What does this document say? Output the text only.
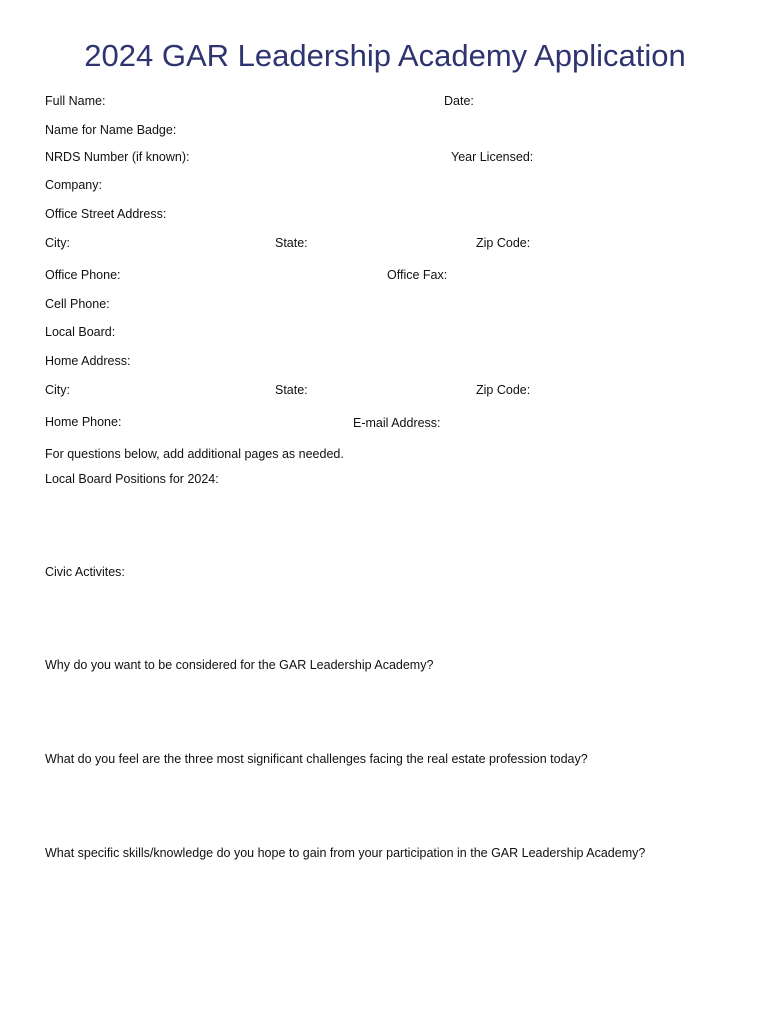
2024 GAR Leadership Academy Application
Full Name:	Date:
Name for Name Badge:
NRDS Number (if known):	Year Licensed:
Company:
Office Street Address:
City:	State:	Zip Code:
Office Phone:	Office Fax:
Cell Phone:
Local Board:
Home Address:
City:	State:	Zip Code:
Home Phone:	E-mail Address:
For questions below, add additional pages as needed.
Local Board Positions for 2024:
Civic Activites:
Why do you want to be considered for the GAR Leadership Academy?
What do you feel are the three most significant challenges facing the real estate profession today?
What specific skills/knowledge do you hope to gain from your participation in the GAR Leadership Academy?
